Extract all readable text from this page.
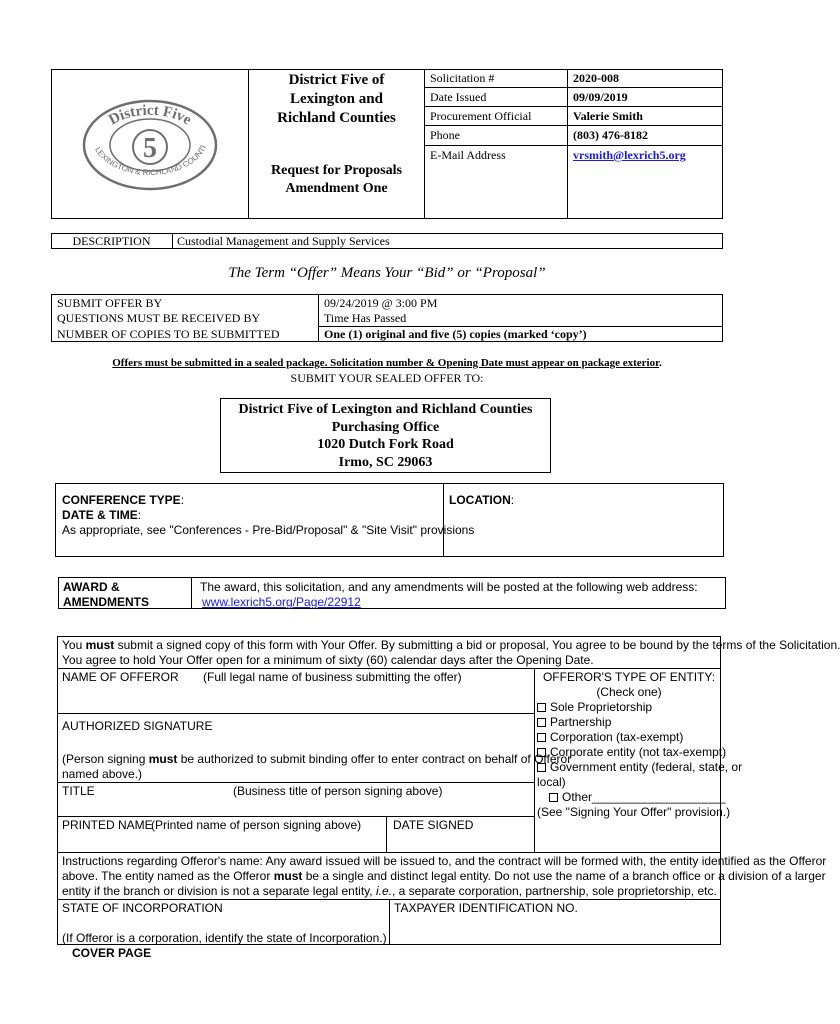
District Five
LEXINGTON & RICHLAND COUNTI
5
District Five of
Lexington and
Richland Counties
Request for Proposals
Amendment One
Solicitation #	2020-008
Date Issued	09/09/2019
Procurement Official	Valerie Smith
Phone	(803) 476-8182
E-Mail Address	vrsmith@lexrich5.org
DESCRIPTION	Custodial Management and Supply Services
The Term “Offer” Means Your “Bid” or “Proposal”
SUBMIT OFFER BY	09/24/2019 @ 3:00 PM
QUESTIONS MUST BE RECEIVED BY	Time Has Passed
NUMBER OF COPIES TO BE SUBMITTED	One (1) original and five (5) copies (marked ‘copy’)
Offers must be submitted in a sealed package. Solicitation number & Opening Date must appear on package exterior.
SUBMIT YOUR SEALED OFFER TO:
District Five of Lexington and Richland Counties
Purchasing Office
1020 Dutch Fork Road
Irmo, SC 29063
CONFERENCE TYPE:
DATE & TIME:
As appropriate, see "Conferences - Pre-Bid/Proposal" & "Site Visit" provisions
LOCATION:
AWARD &
AMENDMENTS
The award, this solicitation, and any amendments will be posted at the following web address:
www.lexrich5.org/Page/22912
You must submit a signed copy of this form with Your Offer. By submitting a bid or proposal, You agree to be bound by the terms of the Solicitation.
You agree to hold Your Offer open for a minimum of sixty (60) calendar days after the Opening Date.
NAME OF OFFEROR (Full legal name of business submitting the offer)
AUTHORIZED SIGNATURE
(Person signing must be authorized to submit binding offer to enter contract on behalf of Offeror
named above.)
TITLE	(Business title of person signing above)
PRINTED NAME
(Printed name of person signing above)	DATE SIGNED
OFFEROR'S TYPE OF ENTITY:
(Check one)
Sole Proprietorship
Partnership
Corporation (tax-exempt)
Corporate entity (not tax-exempt)
Government entity (federal, state, or
local)
Other____________________
(See "Signing Your Offer" provision.)
Instructions regarding Offeror's name: Any award issued will be issued to, and the contract will be formed with, the entity identified as the Offeror
above. The entity named as the Offeror must be a single and distinct legal entity. Do not use the name of a branch office or a division of a larger
entity if the branch or division is not a separate legal entity, i.e., a separate corporation, partnership, sole proprietorship, etc.
STATE OF INCORPORATION
(If Offeror is a corporation, identify the state of Incorporation.)
TAXPAYER IDENTIFICATION NO.
COVER PAGE
